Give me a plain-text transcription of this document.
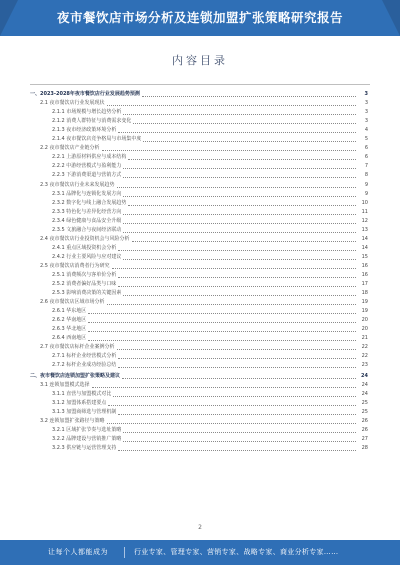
夜市餐饮店市场分析及连锁加盟扩张策略研究报告
内容目录
一、2023-2028年夜市餐饮店行业发展趋势预测	3
2.1 夜市餐饮店行业发展现状	3
2.1.1 市场规模与增长趋势分析	3
2.1.2 消费人群特征与消费需求变化	3
2.1.3 夜市经济政策环境分析	4
2.1.4 夜市餐饮店竞争格局与市场集中度	5
2.2 夜市餐饮店产业链分析	6
2.2.1 上游原材料供应与成本结构	6
2.2.2 中游经营模式与盈利能力	7
2.2.3 下游消费渠道与营销方式	8
2.3 夜市餐饮店行业未来发展趋势	9
2.3.1 品牌化与连锁化发展方向	9
2.3.2 数字化与线上融合发展趋势	10
2.3.3 特色化与差异化经营方向	11
2.3.4 绿色健康与食品安全升级	12
2.3.5 文旅融合与夜间经济联动	13
2.4 夜市餐饮店行业投资机会与风险分析	14
2.4.1 重点区域投资机会分析	14
2.4.2 行业主要风险与应对建议	15
2.5 夜市餐饮店消费者行为研究	16
2.5.1 消费频次与客单价分析	16
2.5.2 消费者偏好品类与口味	17
2.5.3 影响消费决策的关键因素	18
2.6 夜市餐饮店区域市场分析	19
2.6.1 华东地区	19
2.6.2 华南地区	20
2.6.3 华北地区	20
2.6.4 西南地区	21
2.7 夜市餐饮店标杆企业案例分析	22
2.7.1 标杆企业经营模式分析	22
2.7.2 标杆企业成功经验总结	23
二、夜市餐饮店连锁加盟扩张策略及建议	24
3.1 连锁加盟模式选择	24
3.1.1 直营与加盟模式对比	24
3.1.2 加盟体系搭建要点	25
3.1.3 加盟商筛选与管理机制	25
3.2 连锁加盟扩张路径与策略	26
3.2.1 区域扩张节奏与选址策略	26
3.2.2 品牌建设与营销推广策略	27
3.2.3 供应链与运营管理支持	28
2
让每个人都能成为	行业专家、管理专家、营销专家、战略专家、商业分析专家……
